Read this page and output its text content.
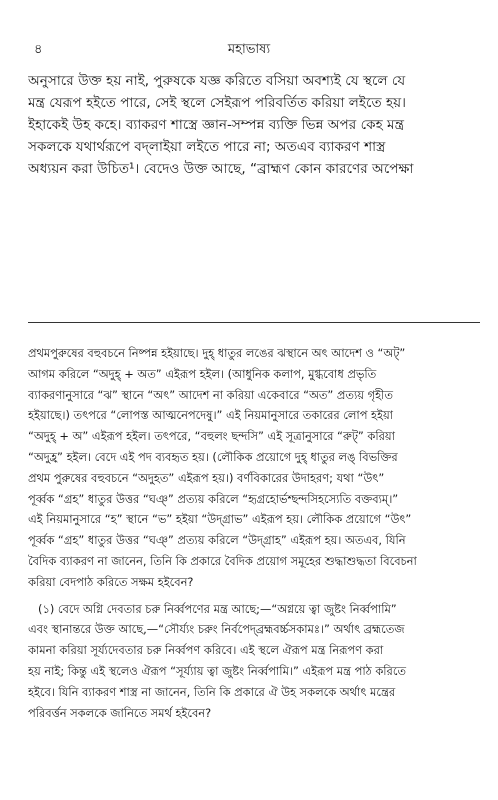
৪	মহাভাষ্য
অনুসারে উক্ত হয় নাই, পুরুষকে যজ্ঞ করিতে বসিয়া অবশ্যই যে স্থলে যে
মন্ত্র যেরূপ হইতে পারে, সেই স্থলে সেইরূপ পরিবর্তিত করিয়া লইতে হয়।
ইহাকেই উহ কহে। ব্যাকরণ শাস্ত্রে জ্ঞান-সম্পন্ন ব্যক্তি ভিন্ন অপর কেহ মন্ত্র
সকলকে যথার্থরূপে বদ্‌লাইয়া লইতে পারে না; অতএব ব্যাকরণ শাস্ত্র
অধ্যয়ন করা উচিত¹। বেদেও উক্ত আছে, “ব্রাহ্মণ কোন কারণের অপেক্ষা
প্রথমপুরুষের বহুবচনে নিষ্পন্ন হইয়াছে। দুহ্ ধাতুর লঙের ঝস্থানে অৎ আদেশ ও “অট্”
আগম করিলে “অদুহ্ + অত” এইরূপ হইল। (আধুনিক কলাপ, মুগ্ধবোধ প্রভৃতি
ব্যাকরণানুসারে “ঝ” স্থানে “অৎ” আদেশ না করিয়া একেবারে “অত” প্রত্যয় গৃহীত
হইয়াছে।) তৎপরে “লোপস্ত আত্মনেপদেষু।” এই নিয়মানুসারে তকারের লোপ হইয়া
“অদুহ্ + অ” এইরূপ হইল। তৎপরে, “বহুলং ছন্দসি” এই সূত্রানুসারে “রুট্” করিয়া
“অদুহ্র” হইল। বেদে এই পদ ব্যবহৃত হয়। (লৌকিক প্রয়োগে দুহ্ ধাতুর লঙ্ বিভক্তির
প্রথম পুরুষের বহুবচনে “অদুহত” এইরূপ হয়।) বর্ণবিকারের উদাহরণ; যথা “উৎ”
পূর্ব্বক “গ্রহ” ধাতুর উত্তর “ঘঞ্” প্রত্যয় করিলে “হৃগ্রহোর্ভশ্ছন্দসিহস্যেতি বক্তব্যম্।”
এই নিয়মানুসারে “হ” স্থানে “ভ” হইয়া “উদ্‌গ্রাভ” এইরূপ হয়। লৌকিক প্রয়োগে “উৎ”
পূর্ব্বক “গ্রহ” ধাতুর উত্তর “ঘঞ্” প্রত্যয় করিলে “উদ্‌গ্রাহ” এইরূপ হয়। অতএব, যিনি
বৈদিক ব্যাকরণ না জানেন, তিনি কি প্রকারে বৈদিক প্রয়োগ সমূহের শুদ্ধাশুদ্ধতা বিবেচনা
করিয়া বেদপাঠ করিতে সক্ষম হইবেন?
(১) বেদে অগ্নি দেবতার চরু নির্ব্বপণের মন্ত্র আছে;—“অগ্নয়ে ত্বা জুষ্টং নির্ব্বপামি”
এবং স্থানান্তরে উক্ত আছে,—“সৌর্য্যং চরুং নির্বপেদ্‌ব্রহ্মবর্চ্চসকামঃ।” অর্থাৎ ব্রহ্মতেজ
কামনা করিয়া সূর্য্যদেবতার চরু নির্ব্বপণ করিবে। এই স্থলে ঐরূপ মন্ত্র নিরূপণ করা
হয় নাই; কিন্তু এই স্থলেও ঐরূপ “সূর্য্যায় ত্বা জুষ্টং নির্ব্বপামি।” এইরূপ মন্ত্র পাঠ করিতে
হইবে। যিনি ব্যাকরণ শাস্ত্র না জানেন, তিনি কি প্রকারে ঐ উহ সকলকে অর্থাৎ মন্ত্রের
পরিবর্ত্তন সকলকে জানিতে সমর্থ হইবেন?
